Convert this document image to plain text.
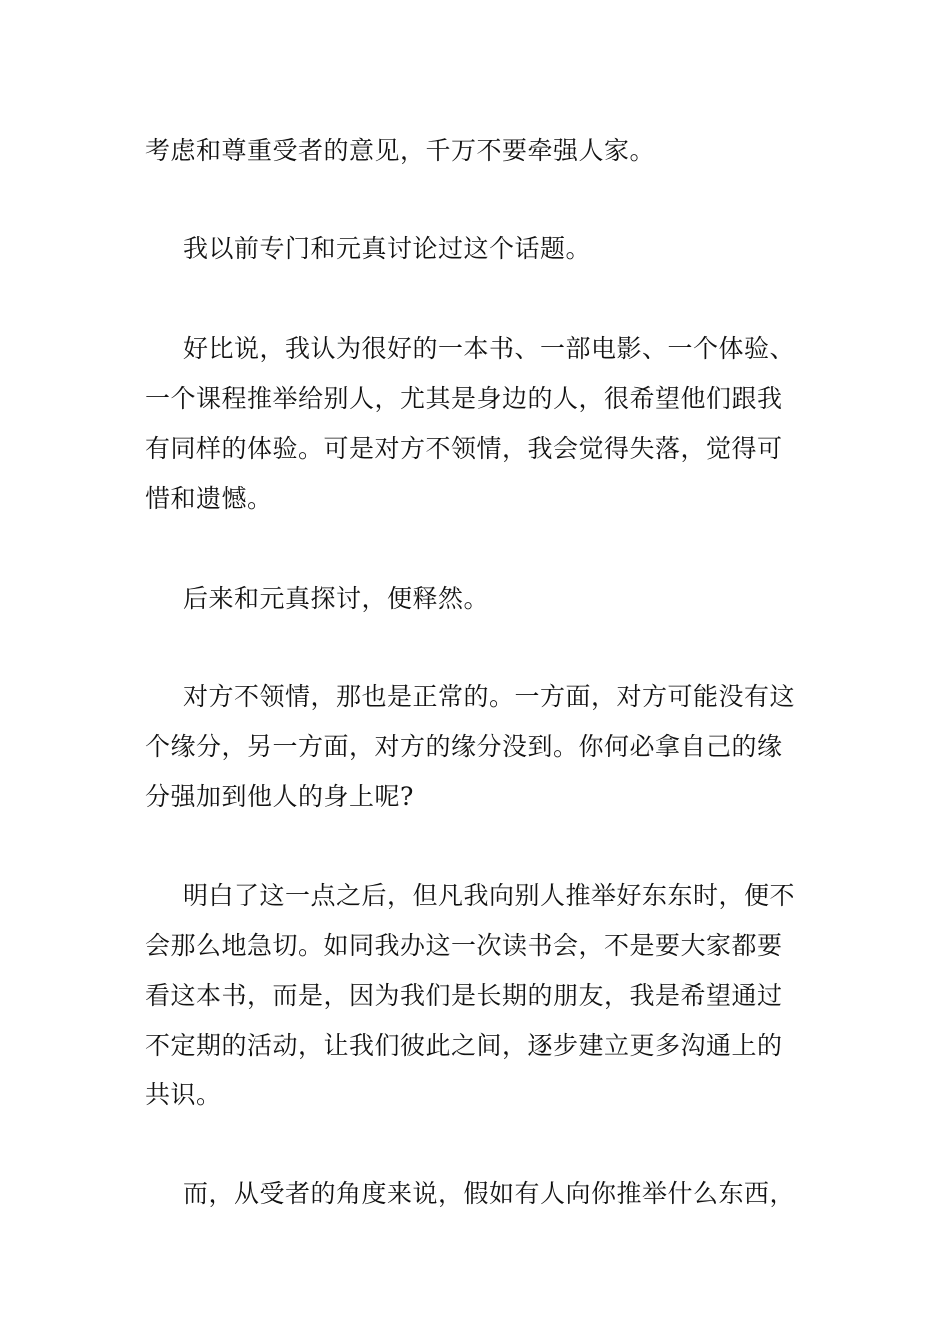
考虑和尊重受者的意见，千万不要牵强人家。
我以前专门和元真讨论过这个话题。
好比说，我认为很好的一本书、一部电影、一个体验、
一个课程推举给别人，尤其是身边的人，很希望他们跟我
有同样的体验。可是对方不领情，我会觉得失落，觉得可
惜和遗憾。
后来和元真探讨，便释然。
对方不领情，那也是正常的。一方面，对方可能没有这
个缘分，另一方面，对方的缘分没到。你何必拿自己的缘
分强加到他人的身上呢?
明白了这一点之后，但凡我向别人推举好东东时，便不
会那么地急切。如同我办这一次读书会，不是要大家都要
看这本书，而是，因为我们是长期的朋友，我是希望通过
不定期的活动，让我们彼此之间，逐步建立更多沟通上的
共识。
而，从受者的角度来说，假如有人向你推举什么东西，
